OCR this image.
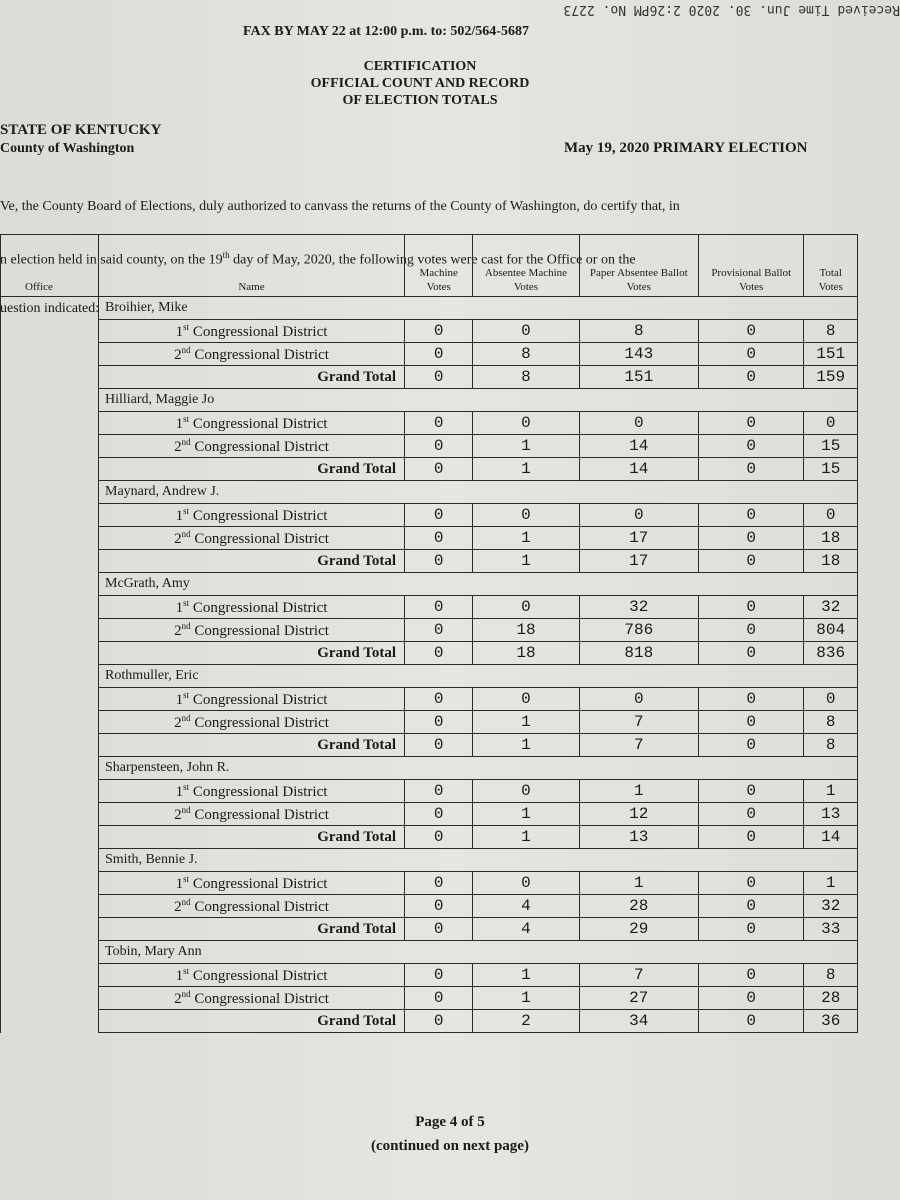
Received Time Jun. 30. 2020 2:26PM No. 2273
FAX BY MAY 22 at 12:00 p.m. to: 502/564-5687
CERTIFICATION
OFFICIAL COUNT AND RECORD
OF ELECTION TOTALS
STATE OF KENTUCKY
County of Washington	May 19, 2020 PRIMARY ELECTION

Ve, the County Board of Elections, duly authorized to canvass the returns of the County of Washington, do certify that, in

n election held in said county, on the 19th day of May, 2020, the following votes were cast for the Office or on the

uestion indicated:

Office	Name	Machine Votes	Absentee Machine Votes	Paper Absentee Ballot Votes	Provisional Ballot Votes	Total Votes
	Broihier, Mike					
	1st Congressional District	0	0	8	0	8
	2nd Congressional District	0	8	143	0	151
	Grand Total	0	8	151	0	159
	Hilliard, Maggie Jo					
	1st Congressional District	0	0	0	0	0
	2nd Congressional District	0	1	14	0	15
	Grand Total	0	1	14	0	15
	Maynard, Andrew J.					
	1st Congressional District	0	0	0	0	0
	2nd Congressional District	0	1	17	0	18
	Grand Total	0	1	17	0	18
	McGrath, Amy					
	1st Congressional District	0	0	32	0	32
	2nd Congressional District	0	18	786	0	804
	Grand Total	0	18	818	0	836
	Rothmuller, Eric					
	1st Congressional District	0	0	0	0	0
	2nd Congressional District	0	1	7	0	8
	Grand Total	0	1	7	0	8
	Sharpensteen, John R.					
	1st Congressional District	0	0	1	0	1
	2nd Congressional District	0	1	12	0	13
	Grand Total	0	1	13	0	14
	Smith, Bennie J.					
	1st Congressional District	0	0	1	0	1
	2nd Congressional District	0	4	28	0	32
	Grand Total	0	4	29	0	33
	Tobin, Mary Ann					
	1st Congressional District	0	1	7	0	8
	2nd Congressional District	0	1	27	0	28
	Grand Total	0	2	34	0	36
Page 4 of 5
(continued on next page)
